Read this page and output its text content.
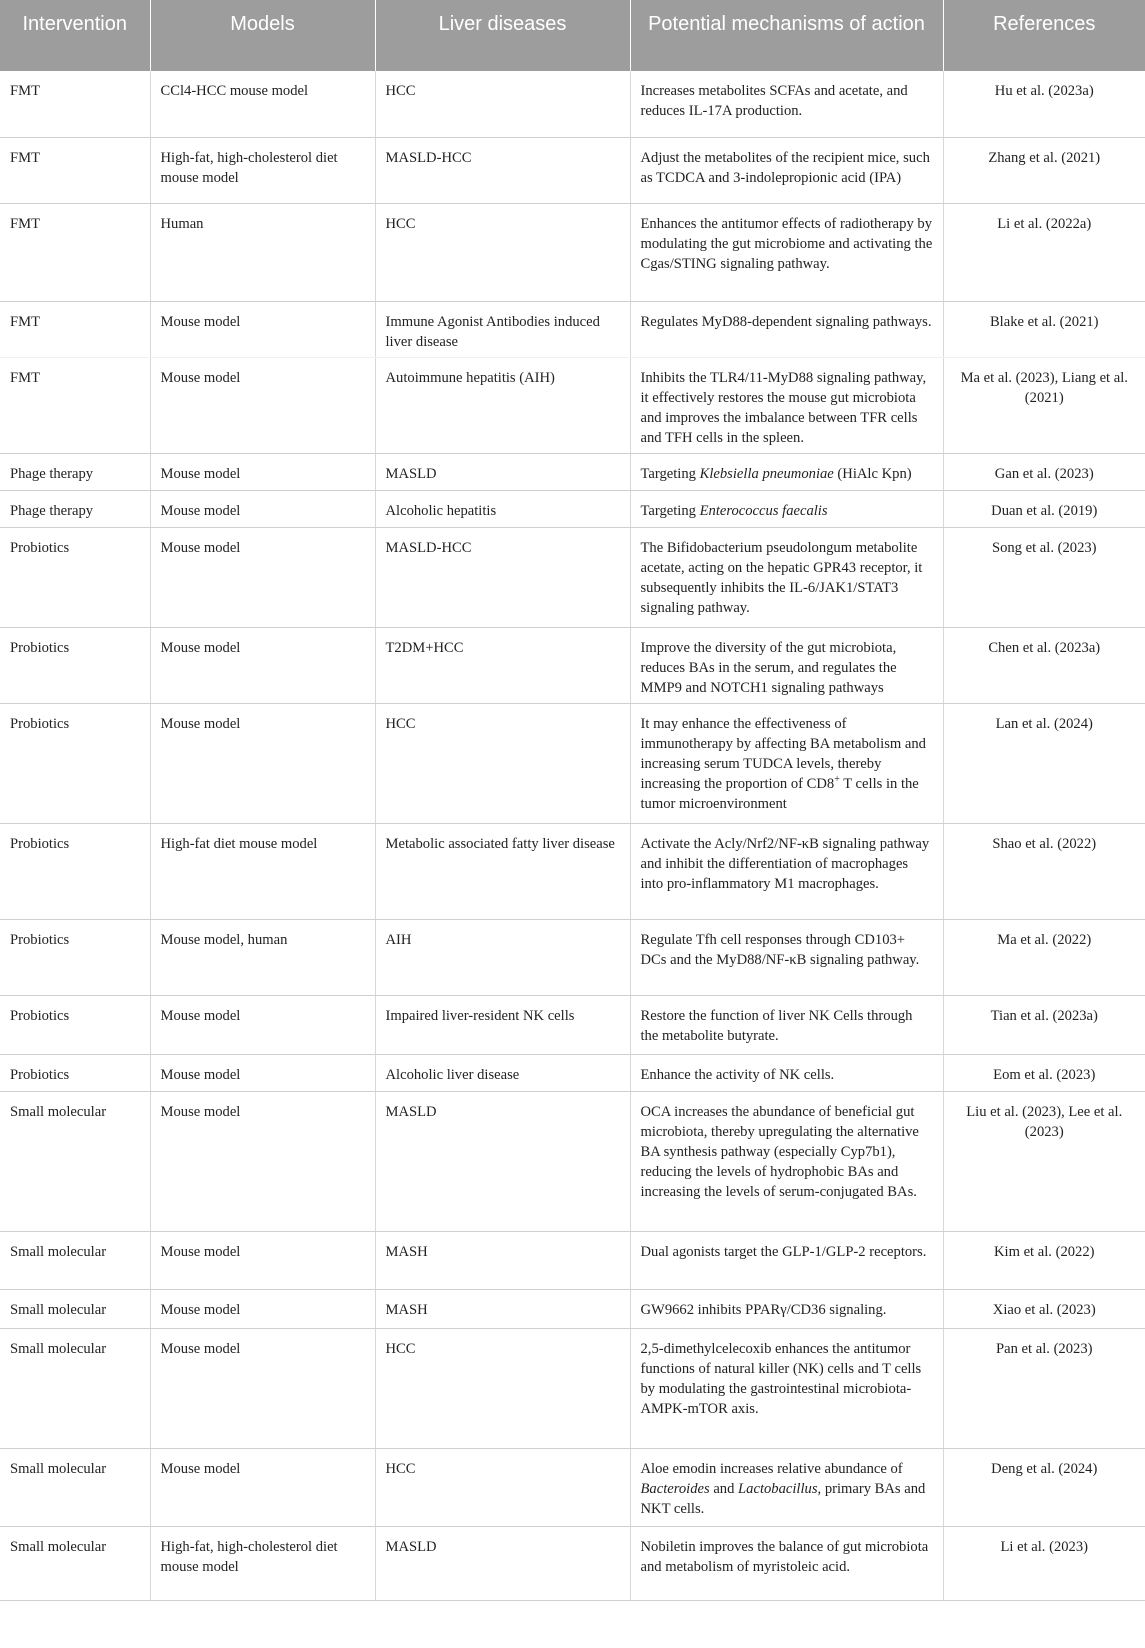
Intervention	Models	Liver diseases	Potential mechanisms of action	References
FMT	CCl4-HCC mouse model	HCC	Increases metabolites SCFAs and acetate, and reduces IL-17A production.	Hu et al. (2023a)
FMT	High-fat, high-cholesterol diet mouse model	MASLD-HCC	Adjust the metabolites of the recipient mice, such as TCDCA and 3-indolepropionic acid (IPA)	Zhang et al. (2021)
FMT	Human	HCC	Enhances the antitumor effects of radiotherapy by modulating the gut microbiome and activating the Cgas/STING signaling pathway.	Li et al. (2022a)
FMT	Mouse model	Immune Agonist Antibodies induced liver disease	Regulates MyD88-dependent signaling pathways.	Blake et al. (2021)
FMT	Mouse model	Autoimmune hepatitis (AIH)	Inhibits the TLR4/11-MyD88 signaling pathway, it effectively restores the mouse gut microbiota and improves the imbalance between TFR cells and TFH cells in the spleen.	Ma et al. (2023), Liang et al. (2021)
Phage therapy	Mouse model	MASLD	Targeting Klebsiella pneumoniae (HiAlc Kpn)	Gan et al. (2023)
Phage therapy	Mouse model	Alcoholic hepatitis	Targeting Enterococcus faecalis	Duan et al. (2019)
Probiotics	Mouse model	MASLD-HCC	The Bifidobacterium pseudolongum metabolite acetate, acting on the hepatic GPR43 receptor, it subsequently inhibits the IL-6/JAK1/STAT3 signaling pathway.	Song et al. (2023)
Probiotics	Mouse model	T2DM+HCC	Improve the diversity of the gut microbiota, reduces BAs in the serum, and regulates the MMP9 and NOTCH1 signaling pathways	Chen et al. (2023a)
Probiotics	Mouse model	HCC	It may enhance the effectiveness of immunotherapy by affecting BA metabolism and increasing serum TUDCA levels, thereby increasing the proportion of CD8+ T cells in the tumor microenvironment	Lan et al. (2024)
Probiotics	High-fat diet mouse model	Metabolic associated fatty liver disease	Activate the Acly/Nrf2/NF-κB signaling pathway and inhibit the differentiation of macrophages into pro-inflammatory M1 macrophages.	Shao et al. (2022)
Probiotics	Mouse model, human	AIH	Regulate Tfh cell responses through CD103+ DCs and the MyD88/NF-κB signaling pathway.	Ma et al. (2022)
Probiotics	Mouse model	Impaired liver-resident NK cells	Restore the function of liver NK Cells through the metabolite butyrate.	Tian et al. (2023a)
Probiotics	Mouse model	Alcoholic liver disease	Enhance the activity of NK cells.	Eom et al. (2023)
Small molecular	Mouse model	MASLD	OCA increases the abundance of beneficial gut microbiota, thereby upregulating the alternative BA synthesis pathway (especially Cyp7b1), reducing the levels of hydrophobic BAs and increasing the levels of serum-conjugated BAs.	Liu et al. (2023), Lee et al. (2023)
Small molecular	Mouse model	MASH	Dual agonists target the GLP-1/GLP-2 receptors.	Kim et al. (2022)
Small molecular	Mouse model	MASH	GW9662 inhibits PPARγ/CD36 signaling.	Xiao et al. (2023)
Small molecular	Mouse model	HCC	2,5-dimethylcelecoxib enhances the antitumor functions of natural killer (NK) cells and T cells by modulating the gastrointestinal microbiota-AMPK-mTOR axis.	Pan et al. (2023)
Small molecular	Mouse model	HCC	Aloe emodin increases relative abundance of Bacteroides and Lactobacillus, primary BAs and NKT cells.	Deng et al. (2024)
Small molecular	High-fat, high-cholesterol diet mouse model	MASLD	Nobiletin improves the balance of gut microbiota and metabolism of myristoleic acid.	Li et al. (2023)
